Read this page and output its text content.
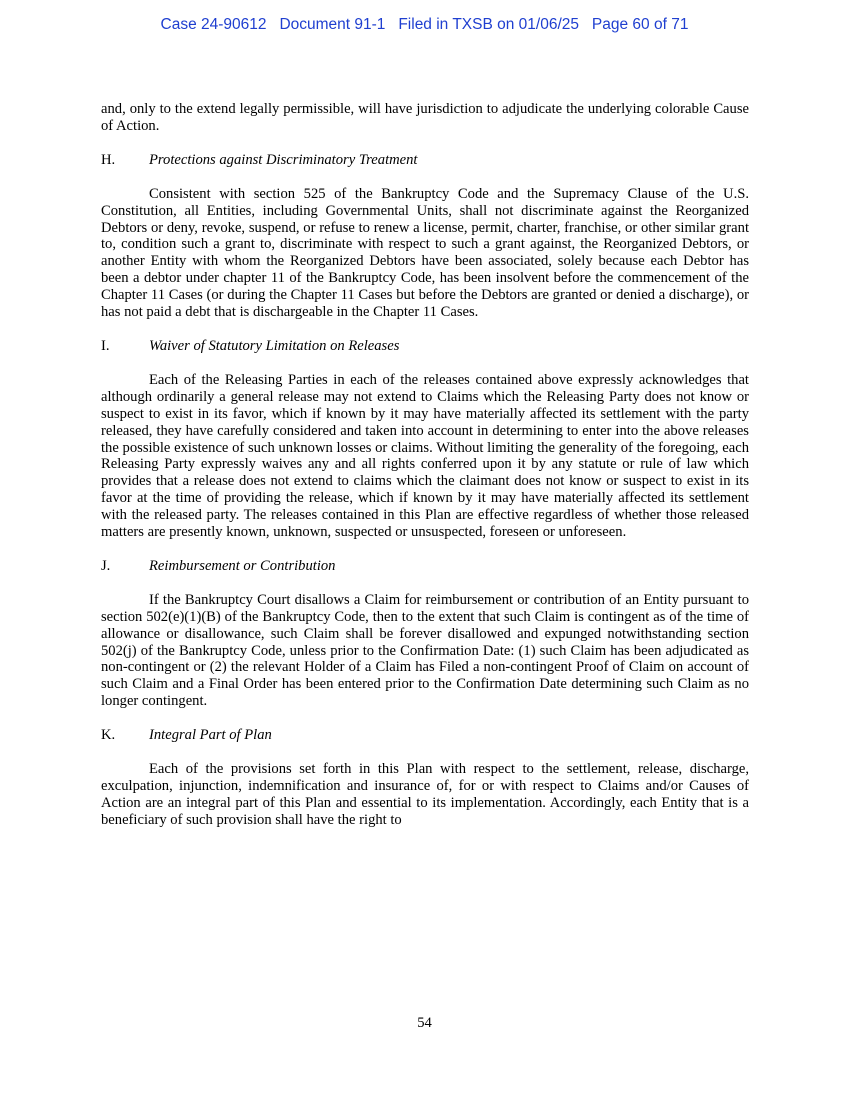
Case 24-90612   Document 91-1   Filed in TXSB on 01/06/25   Page 60 of 71

and, only to the extend legally permissible, will have jurisdiction to adjudicate the underlying colorable Cause of Action.

H. Protections against Discriminatory Treatment

Consistent with section 525 of the Bankruptcy Code and the Supremacy Clause of the U.S. Constitution, all Entities, including Governmental Units, shall not discriminate against the Reorganized Debtors or deny, revoke, suspend, or refuse to renew a license, permit, charter, franchise, or other similar grant to, condition such a grant to, discriminate with respect to such a grant against, the Reorganized Debtors, or another Entity with whom the Reorganized Debtors have been associated, solely because each Debtor has been a debtor under chapter 11 of the Bankruptcy Code, has been insolvent before the commencement of the Chapter 11 Cases (or during the Chapter 11 Cases but before the Debtors are granted or denied a discharge), or has not paid a debt that is dischargeable in the Chapter 11 Cases.

I.	Waiver of Statutory Limitation on Releases

Each of the Releasing Parties in each of the releases contained above expressly acknowledges that although ordinarily a general release may not extend to Claims which the Releasing Party does not know or suspect to exist in its favor, which if known by it may have materially affected its settlement with the party released, they have carefully considered and taken into account in determining to enter into the above releases the possible existence of such unknown losses or claims. Without limiting the generality of the foregoing, each Releasing Party expressly waives any and all rights conferred upon it by any statute or rule of law which provides that a release does not extend to claims which the claimant does not know or suspect to exist in its favor at the time of providing the release, which if known by it may have materially affected its settlement with the released party. The releases contained in this Plan are effective regardless of whether those released matters are presently known, unknown, suspected or unsuspected, foreseen or unforeseen.

J.	Reimbursement or Contribution

If the Bankruptcy Court disallows a Claim for reimbursement or contribution of an Entity pursuant to section 502(e)(1)(B) of the Bankruptcy Code, then to the extent that such Claim is contingent as of the time of allowance or disallowance, such Claim shall be forever disallowed and expunged notwithstanding section 502(j) of the Bankruptcy Code, unless prior to the Confirmation Date: (1) such Claim has been adjudicated as non-contingent or (2) the relevant Holder of a Claim has Filed a non-contingent Proof of Claim on account of such Claim and a Final Order has been entered prior to the Confirmation Date determining such Claim as no longer contingent.

K. Integral Part of Plan

Each of the provisions set forth in this Plan with respect to the settlement, release, discharge, exculpation, injunction, indemnification and insurance of, for or with respect to Claims and/or Causes of Action are an integral part of this Plan and essential to its implementation. Accordingly, each Entity that is a beneficiary of such provision shall have the right to

54
